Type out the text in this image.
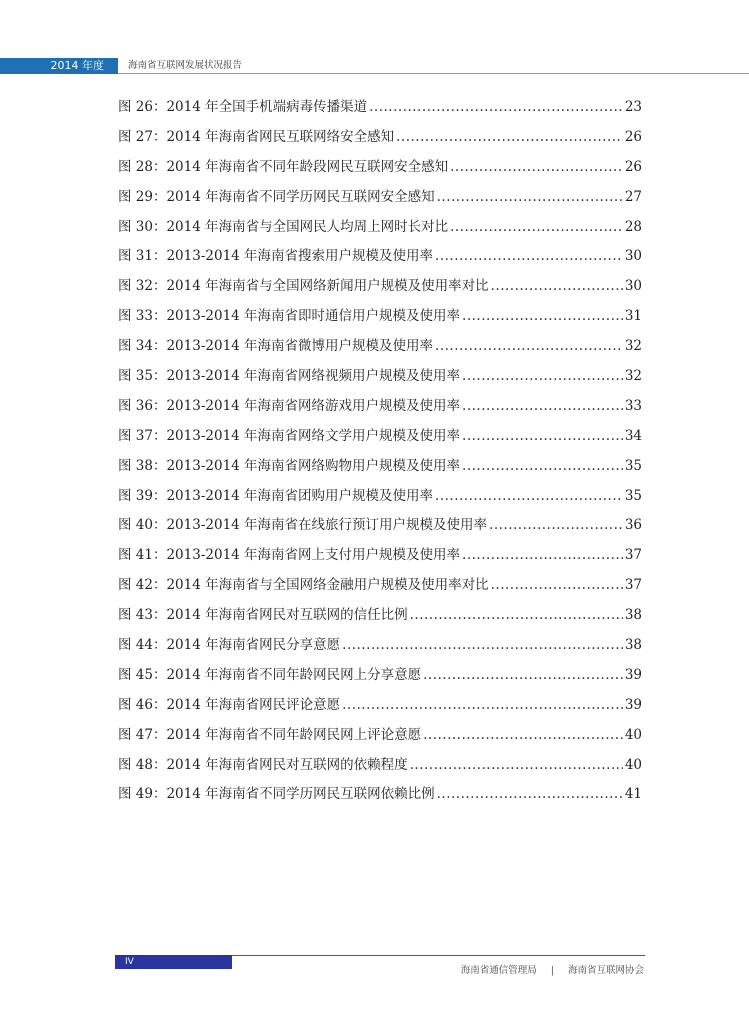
2014 年度	海南省互联网发展状况报告
图 26：2014 年全国手机端病毒传播渠道 .....	23
图 27：2014 年海南省网民互联网络安全感知 .....	26
图 28：2014 年海南省不同年龄段网民互联网安全感知 .....	26
图 29：2014 年海南省不同学历网民互联网安全感知 .....	27
图 30：2014 年海南省与全国网民人均周上网时长对比 .....	28
图 31：2013-2014 年海南省搜索用户规模及使用率 .....	30
图 32：2014 年海南省与全国网络新闻用户规模及使用率对比 .....	30
图 33：2013-2014 年海南省即时通信用户规模及使用率 .....	31
图 34：2013-2014 年海南省微博用户规模及使用率 .....	32
图 35：2013-2014 年海南省网络视频用户规模及使用率 .....	32
图 36：2013-2014 年海南省网络游戏用户规模及使用率 .....	33
图 37：2013-2014 年海南省网络文学用户规模及使用率 .....	34
图 38：2013-2014 年海南省网络购物用户规模及使用率 .....	35
图 39：2013-2014 年海南省团购用户规模及使用率 .....	35
图 40：2013-2014 年海南省在线旅行预订用户规模及使用率 .....	36
图 41：2013-2014 年海南省网上支付用户规模及使用率 .....	37
图 42：2014 年海南省与全国网络金融用户规模及使用率对比 .....	37
图 43：2014 年海南省网民对互联网的信任比例 .....	38
图 44：2014 年海南省网民分享意愿 .....	38
图 45：2014 年海南省不同年龄网民网上分享意愿 .....	39
图 46：2014 年海南省网民评论意愿 .....	39
图 47：2014 年海南省不同年龄网民网上评论意愿 .....	40
图 48：2014 年海南省网民对互联网的依赖程度 .....	40
图 49：2014 年海南省不同学历网民互联网依赖比例 .....	41
IV
海南省通信管理局 | 海南省互联网协会
